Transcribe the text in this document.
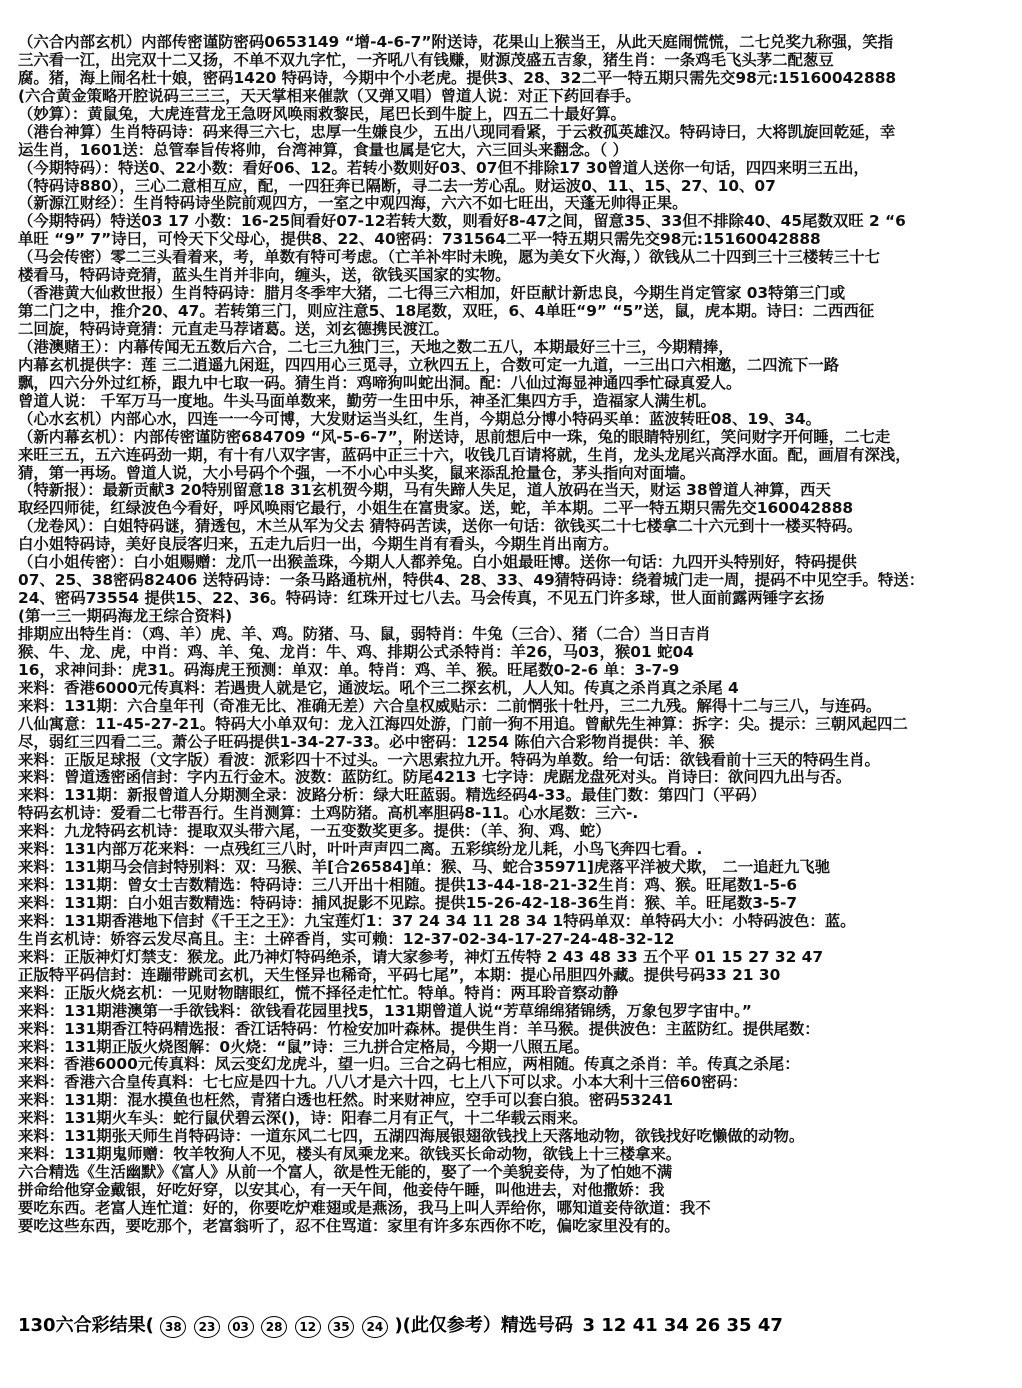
（六合内部玄机）内部传密谨防密码0653149 “增-4-6-7”附送诗，花果山上猴当王，从此天庭闹慌慌，二七兑奖九称强，笑指
三六看一江，出完双十二又扬，不单不双九字忙，一齐吼八有钱赚，财源茂盛五吉象，猪生肖：一条鸡毛飞头茅二配葱豆
腐。猪，海上闹名杜十娘，密码1420 特码诗，今期中个小老虎。提供3、28、32二平一特五期只需先交98元:15160042888
(六合黄金策略开腔说码三三三，天天掌相来催款（又弹又唱）曾道人说：对正下药回春手。
（妙算）：黄鼠兔，大虎连营龙王急呀风唤雨救黎民，尾巴长到牛腚上，四五二十最好算。
（港台神算）生肖特码诗：码来得三六七，忠厚一生嫌良少，五出八现同看紧，于云救孤英雄汉。特码诗曰，大将凯旋回乾延，幸
运生肖，1601送：总管奉旨传将帅，台湾神算，食量也属是它大，六三回头来翻念。（ ）
（今期特码）：特送0、22小数：看好06、12。若转小数则好03、07但不排除17 30曾道人送你一句话，四四来明三五出，
（特码诗880），三心二意相互应，配，一四狂奔已隔断，寻二去一芳心乱。财运波0、11、15、27、10、07
（新源江财经）：生肖特码诗坐院前观四方，一室之中观四海，六六不如七旺出，天蓬无帅得正果。
（今期特码）特送03 17 小数：16-25间看好07-12若转大数，则看好8-47之间，留意35、33但不排除40、45尾数双旺 2 “6
单旺 “9” 7”诗曰，可怜天下父母心，提供8、22、40密码：731564二平一特五期只需先交98元:15160042888
（马会传密）零二三头看着来，考，单数有特可考虑。（亡羊补牢时未晚，愿为美女下火海，）欲钱从二十四到三十三楼转三十七
楼看马，特码诗竞猜，蓝头生肖并非向，缠头，送，欲钱买国家的实物。
（香港黄大仙救世报）生肖特码诗：腊月冬季牢大猪，二七得三六相加，奸臣献计新忠良，今期生肖定管家 03特第三门或
第二门之中，推介20、47。若转第三门，则应注意5、18尾数，双旺，6、4单旺“9” “5”送，鼠，虎本期。诗曰：二西西征
二回旋，特码诗竟猜：元直走马荐诸葛。送，刘玄德携民渡江。
（港澳赌王）：内幕传闻无五数后六合，二七三九独门三，天地之数二五八，本期最好三十三，今期精捧，
内幕玄机提供字：莲 三二逍遥九闲逛，四四用心三觅寻，立秋四五上，合数可定一九道，一三出口六相邀，二四流下一路
飘，四六分外过红桥，跟九中七取一码。猜生肖：鸡啼狗叫蛇出洞。配：八仙过海显神通四季忙碌真爱人。
曾道人说： 千军万马一度地。牛头马面单数来，勤劳一生田中乐，神圣汇集四方手，造福家人满生机。
（心水玄机）内部心水，四连一一今可博，大发财运当头红，生肖，今期总分博小特码买单：蓝波转旺08、19、34。
（新内幕玄机）：内部传密谨防密684709 “风-5-6-7”，附送诗，思前想后中一珠，兔的眼睛特别红，笑问财字开何睡，二七走
来旺三五，五六连码劲一期，有十有八双字害，蓝码中正三十六，收钱几百请将就，生肖，龙头龙尾兴高浮水面。配，画眉有深浅，
猜，第一再场。曾道人说，大小号码个个强，一不小心中头奖，鼠来添乱抢量仓，茅头指向对面墙。
（特新报）：最新贡献3 20特别留意18 31玄机贺今期，马有失蹄人失足，道人放码在当天，财运 38曾道人神算，西天
取经四师徒，红绿波色今看好，呼风唤雨它最行，小姐生在富贵家。送，蛇，羊本期。二平一特五期只需先交160042888
（龙卷风）：白姐特码谜，猜透包，木兰从军为父去 猜特码苦读，送你一句话：欲钱买二十七楼拿二十六元到十一楼买特码。
白小姐特码诗，美好良辰客归来，五走九后归一出，今期生肖有看头，今期生肖出南方。
（白小姐传密）：白小姐赐赠：龙爪一出猴盖珠，今期人人都养兔。白小姐最旺博。送你一句话：九四开头特别好，特码提供
07、25、38密码82406 送特码诗：一条马路通杭州，特供4、28、33、49猜特码诗：绕着城门走一周，提码不中见空手。特送：
24、密码73554 提供15、22、36。特码诗：红珠开过七八去。马会传真，不见五门许多球，世人面前露两锤字玄扬
(第一三一期码海龙王综合资料)
排期应出特生肖：（鸡、羊）虎、羊、鸡。防猪、马、鼠，弱特肖：牛兔（三合）、猪（二合）当日吉肖
猴、牛、龙、虎，中肖：鸡、羊、兔、龙肖：牛、鸡、排期公式杀特肖：羊26，马03，猴01 蛇04
16，求神问卦：虎31。码海虎王预测：单双：单。特肖：鸡、羊、猴。旺尾数0-2-6 单：3-7-9
来料：香港6000元传真料：若遇贵人就是它，通波坛。吼个三二探玄机，人人知。传真之杀肖真之杀尾 4
来料：131期：六合皇年刊（奇准无比、准确无差）六合皇权威贴示：二前惘张十牡丹，三二九残。解得十二与三八，与连码。
八仙寓意：11-45-27-21。特码大小单双句：龙入江海四处游，门前一狗不用追。曾献先生神算：拆字：尖。提示：三朝风起四二
尽，弱红三四看二三。萧公子旺码提供1-34-27-33。必中密码：1254 陈伯六合彩物肖提供：羊、猴
来料：正版足球报（文字版）看波：派彩四十不过头。一六思索拉九开。特码为单数。给一句话：欲钱看前十三天的特码生肖。
来料：曾道透密函信封：字内五行金木。波数：蓝防红。防尾4213 七字诗：虎踞龙盘死对头。肖诗曰：欲问四九出与否。
来料：131期：新报曾道人分期测全录：波路分析：绿大旺蓝弱。精选经码4-33。最佳门数：第四门（平码）
特码玄机诗：爱看二七带吾行。生肖测算：土鸡防猪。高机率胆码8-11。心水尾数：三六-.
来料：九龙特码玄机诗：提取双头带六尾，一五变数奖更多。提供：（羊、狗、鸡、蛇）
来料：131内部万花来料：一点残红三八时，叶叶声声四二离。五彩缤纷龙儿耗，小鸟飞奔四七看。.
来料：131期马会信封特别料：双：马猴、羊[合26584]单：猴、马、蛇合35971]虎落平洋被犬欺， 二一追赶九飞驰
来料：131期：曾女士吉数精选：特码诗：三八开出十相随。提供13-44-18-21-32生肖：鸡、猴。旺尾数1-5-6
来料：131期：白小姐吉数精选：特码诗：捕风捉影不见踪。提供15-26-42-18-36生肖：猴、羊。旺尾数3-5-7
来料：131期香港地下信封《千王之王》：九宝莲灯1：37 24 34 11 28 34 1特码单双：单特码大小：小特码波色：蓝。
生肖玄机诗：娇容云发尽高且。主：土碎香肖，实可赖：12-37-02-34-17-27-24-48-32-12
来料：正版神灯灯禁支：猴龙。此乃神灯特码绝杀，请大家参考，神灯五传特 2 43 48 33 五个平 01 15 27 32 47
正版特平码信封：连蹦带跳司玄机，天生怪异也稀奇，平码七尾”，本期：提心吊胆四外藏。提供号码33 21 30
来料：正版火烧玄机：一见财物瞎眼红，慌不择径走忙忙。特单。特肖：两耳聆音察动静
来料：131期港澳第一手欲钱料：欲钱看花园里找5，131期曾道人说“芳草绵绵猪锦绣，万象包罗字宙中。”
来料：131期香江特码精选报：香江话特码：竹检安加叶森林。提供生肖：羊马猴。提供波色：主蓝防红。提供尾数：
来料：131期正版火烧图解：0火烧：“鼠”诗：三九拼合定格局，今期一八照五尾。
来料：香港6000元传真料：凤云变幻龙虎斗，望一归。三合之码七相应，两相随。传真之杀肖：羊。传真之杀尾：
来料：香港六合皇传真料：七七应是四十九。八八才是六十四，七上八下可以求。小本大利十三倍60密码：
来料：131期：混水摸鱼也枉然，青猪白透也枉然。时来财神应，空手可以套白狼。密码53241
来料：131期火车头：蛇行鼠伏碧云深()，诗：阳春二月有正气，十二华载云雨来。
来料：131期张天师生肖特码诗：一道东风二七四，五湖四海展银翅欲钱找上天落地动物，欲钱找好吃懒做的动物。
来料：131期鬼师赠：牧羊牧狗人不见，楼头有凤乘龙来。欲钱买长命动物，欲钱上十三楼拿来。
六合精选《生活幽默》《富人》从前一个富人，欲是性无能的，娶了一个美貌妾侍，为了怕她不满
拼命给他穿金戴银，好吃好穿，以安其心，有一天午间，他妾侍午睡，叫他进去，对他撒娇：我
要吃东西。老富人连忙道：好的，你要吃炉难翅或是燕汤，我马上叫人弄给你，哪知道妾侍欲道：我不
要吃这些东西，要吃那个，老富翁听了，忍不住骂道：家里有许多东西你不吃，偏吃家里没有的。
130六合彩结果( 38 23 03 28 12 35 24 )(此仅参考）精选号码 3 12 41 34 26 35 47
